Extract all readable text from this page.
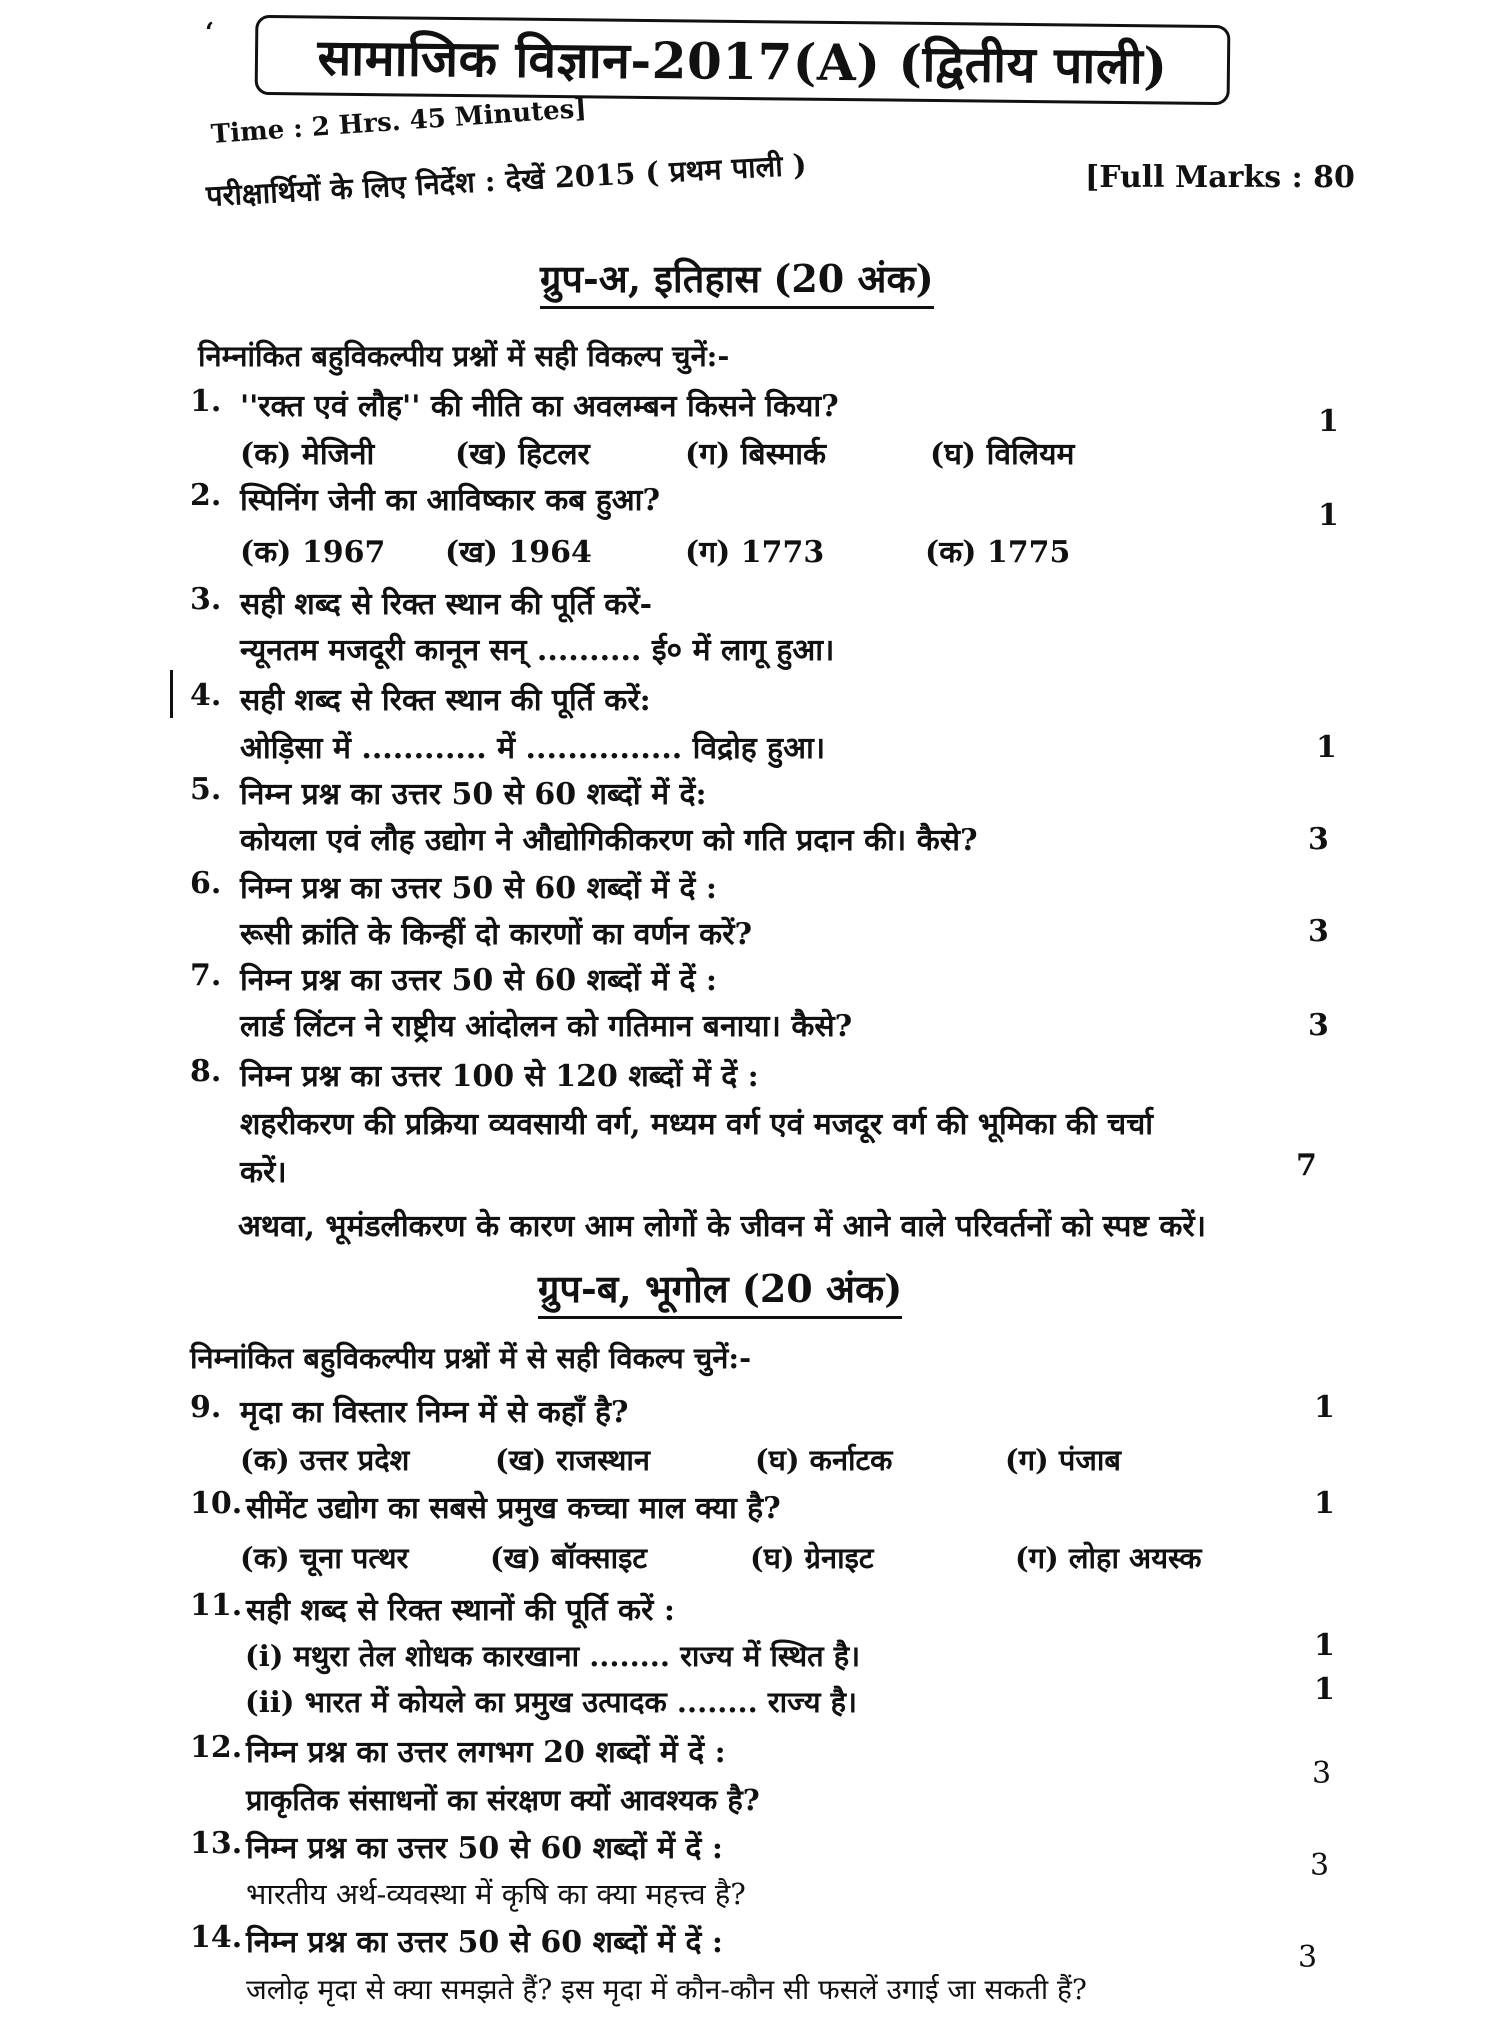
‘ सामाजिक विज्ञान-2017(A) (द्वितीय पाली)
Time : 2 Hrs. 45 Minutes]
परीक्षार्थियों के लिए निर्देश : देखें 2015 ( प्रथम पाली )	[Full Marks : 80
ग्रुप-अ, इतिहास (20 अंक)
निम्नांकित बहुविकल्पीय प्रश्नों में सही विकल्प चुनें:-
1. ''रक्त एवं लौह'' की नीति का अवलम्बन किसने किया?	1
(क) मेजिनी	(ख) हिटलर	(ग) बिस्मार्क	(घ) विलियम
2. स्पिनिंग जेनी का आविष्कार कब हुआ?	1
(क) 1967 (ख) 1964	(ग) 1773	(क) 1775
3. सही शब्द से रिक्त स्थान की पूर्ति करें-
न्यूनतम मजदूरी कानून सन् .......... ई० में लागू हुआ।
4. सही शब्द से रिक्त स्थान की पूर्ति करें:
ओड़िसा में ............ में ............... विद्रोह हुआ।	1
5. निम्न प्रश्न का उत्तर 50 से 60 शब्दों में दें:
कोयला एवं लौह उद्योग ने औद्योगिकीकरण को गति प्रदान की। कैसे?	3
6. निम्न प्रश्न का उत्तर 50 से 60 शब्दों में दें :
रूसी क्रांति के किन्हीं दो कारणों का वर्णन करें?	3
7. निम्न प्रश्न का उत्तर 50 से 60 शब्दों में दें :
लार्ड लिंटन ने राष्ट्रीय आंदोलन को गतिमान बनाया। कैसे?	3
8. निम्न प्रश्न का उत्तर 100 से 120 शब्दों में दें :
शहरीकरण की प्रक्रिया व्यवसायी वर्ग, मध्यम वर्ग एवं मजदूर वर्ग की भूमिका की चर्चा
करें।
अथवा, भूमंडलीकरण के कारण आम लोगों के जीवन में आने वाले परिवर्तनों को स्पष्ट करें।
7
ग्रुप-ब, भूगोल (20 अंक)
निम्नांकित बहुविकल्पीय प्रश्नों में से सही विकल्प चुनें:-
9. मृदा का विस्तार निम्न में से कहाँ है?	1
(क) उत्तर प्रदेश	(ख) राजस्थान	(घ) कर्नाटक	(ग) पंजाब
10. सीमेंट उद्योग का सबसे प्रमुख कच्चा माल क्या है?	1
(क) चूना पत्थर	(ख) बॉक्साइट	(घ) ग्रेनाइट	(ग) लोहा अयस्क
11. सही शब्द से रिक्त स्थानों की पूर्ति करें :
(i) मथुरा तेल शोधक कारखाना ........ राज्य में स्थित है।	1
(ii) भारत में कोयले का प्रमुख उत्पादक ........ राज्य है।	1
12. निम्न प्रश्न का उत्तर लगभग 20 शब्दों में दें :
प्राकृतिक संसाधनों का संरक्षण क्यों आवश्यक है?
3
13. निम्न प्रश्न का उत्तर 50 से 60 शब्दों में दें :
भारतीय अर्थ-व्यवस्था में कृषि का क्या महत्त्व है?
3
14. निम्न प्रश्न का उत्तर 50 से 60 शब्दों में दें :
जलोढ़ मृदा से क्या समझते हैं? इस मृदा में कौन-कौन सी फसलें उगाई जा सकती हैं?
3
